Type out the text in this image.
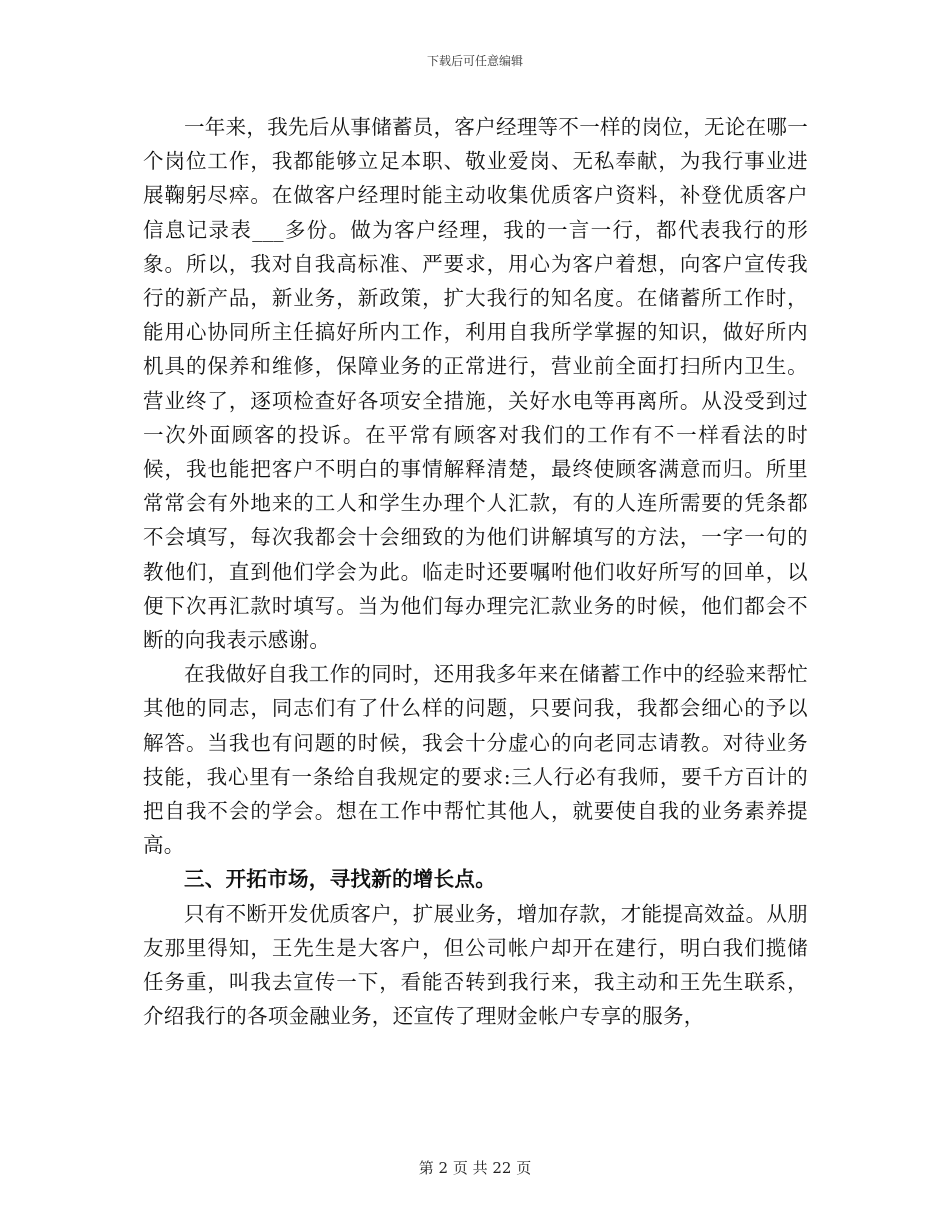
下载后可任意编辑

一年来，我先后从事储蓄员，客户经理等不一样的岗位，无论在哪一个岗位工作，我都能够立足本职、敬业爱岗、无私奉献，为我行事业进展鞠躬尽瘁。在做客户经理时能主动收集优质客户资料，补登优质客户信息记录表___多份。做为客户经理，我的一言一行，都代表我行的形象。所以，我对自我高标准、严要求，用心为客户着想，向客户宣传我行的新产品，新业务，新政策，扩大我行的知名度。在储蓄所工作时，能用心协同所主任搞好所内工作，利用自我所学掌握的知识，做好所内机具的保养和维修，保障业务的正常进行，营业前全面打扫所内卫生。营业终了，逐项检查好各项安全措施，关好水电等再离所。从没受到过一次外面顾客的投诉。在平常有顾客对我们的工作有不一样看法的时候，我也能把客户不明白的事情解释清楚，最终使顾客满意而归。所里常常会有外地来的工人和学生办理个人汇款，有的人连所需要的凭条都不会填写，每次我都会十会细致的为他们讲解填写的方法，一字一句的教他们，直到他们学会为此。临走时还要嘱咐他们收好所写的回单，以便下次再汇款时填写。当为他们每办理完汇款业务的时候，他们都会不断的向我表示感谢。

在我做好自我工作的同时，还用我多年来在储蓄工作中的经验来帮忙其他的同志，同志们有了什么样的问题，只要问我，我都会细心的予以解答。当我也有问题的时候，我会十分虚心的向老同志请教。对待业务技能，我心里有一条给自我规定的要求:三人行必有我师，要千方百计的把自我不会的学会。想在工作中帮忙其他人，就要使自我的业务素养提高。

三、开拓市场，寻找新的增长点。

只有不断开发优质客户，扩展业务，增加存款，才能提高效益。从朋友那里得知，王先生是大客户，但公司帐户却开在建行，明白我们揽储任务重，叫我去宣传一下，看能否转到我行来，我主动和王先生联系，介绍我行的各项金融业务，还宣传了理财金帐户专享的服务，

第 2 页 共 22 页
